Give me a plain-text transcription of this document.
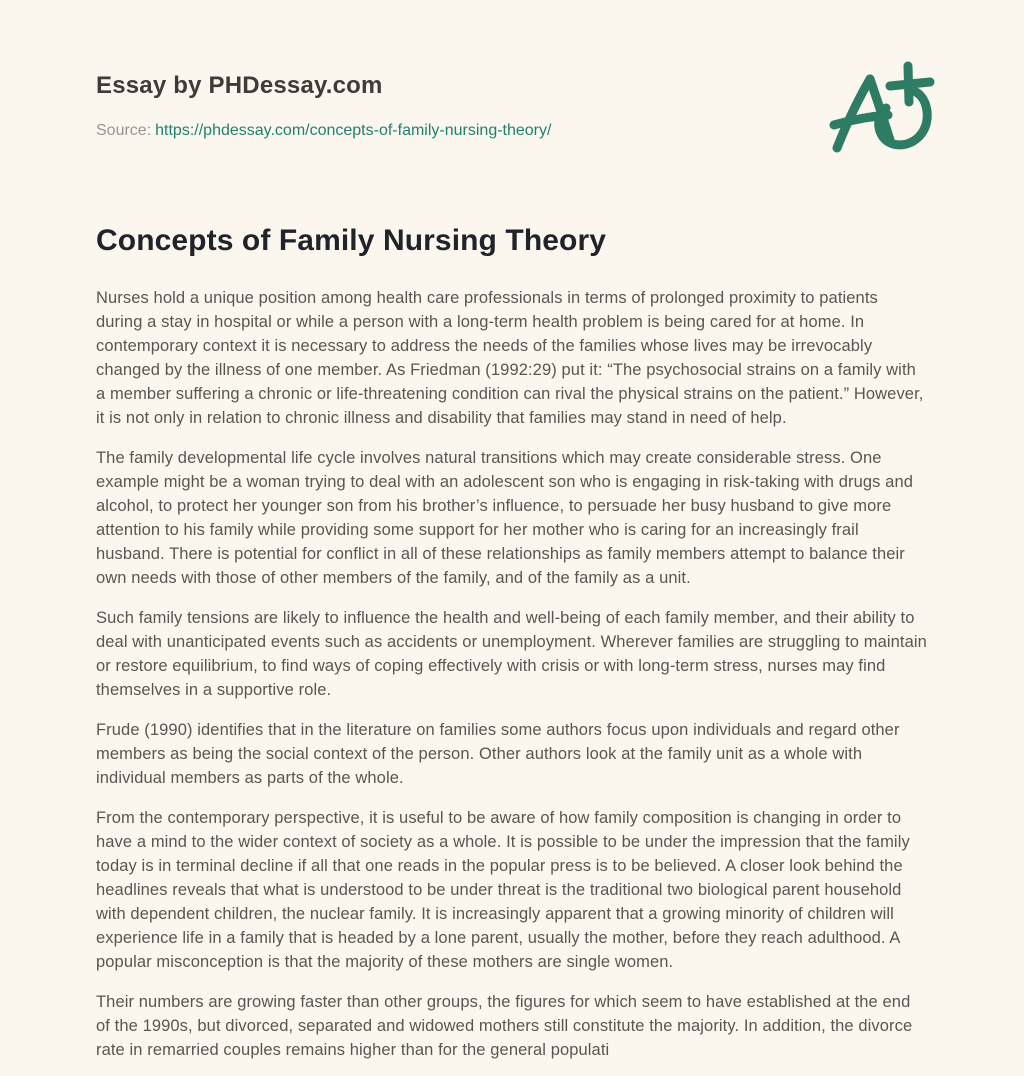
Essay by PHDessay.com
Source: https://phdessay.com/concepts-of-family-nursing-theory/
Concepts of Family Nursing Theory

Nurses hold a unique position among health care professionals in terms of prolonged proximity to patients during a stay in hospital or while a person with a long-term health problem is being cared for at home. In contemporary context it is necessary to address the needs of the families whose lives may be irrevocably changed by the illness of one member. As Friedman (1992:29) put it: “The psychosocial strains on a family with a member suffering a chronic or life-threatening condition can rival the physical strains on the patient.” However, it is not only in relation to chronic illness and disability that families may stand in need of help.

The family developmental life cycle involves natural transitions which may create considerable stress. One example might be a woman trying to deal with an adolescent son who is engaging in risk-taking with drugs and alcohol, to protect her younger son from his brother’s influence, to persuade her busy husband to give more attention to his family while providing some support for her mother who is caring for an increasingly frail husband. There is potential for conflict in all of these relationships as family members attempt to balance their own needs with those of other members of the family, and of the family as a unit.

Such family tensions are likely to influence the health and well-being of each family member, and their ability to deal with unanticipated events such as accidents or unemployment. Wherever families are struggling to maintain or restore equilibrium, to find ways of coping effectively with crisis or with long-term stress, nurses may find themselves in a supportive role.

Frude (1990) identifies that in the literature on families some authors focus upon individuals and regard other members as being the social context of the person. Other authors look at the family unit as a whole with individual members as parts of the whole.

From the contemporary perspective, it is useful to be aware of how family composition is changing in order to have a mind to the wider context of society as a whole. It is possible to be under the impression that the family today is in terminal decline if all that one reads in the popular press is to be believed. A closer look behind the headlines reveals that what is understood to be under threat is the traditional two biological parent household with dependent children, the nuclear family. It is increasingly apparent that a growing minority of children will experience life in a family that is headed by a lone parent, usually the mother, before they reach adulthood. A popular misconception is that the majority of these mothers are single women.

Their numbers are growing faster than other groups, the figures for which seem to have established at the end of the 1990s, but divorced, separated and widowed mothers still constitute the majority. In addition, the divorce rate in remarried couples remains higher than for the general populati
